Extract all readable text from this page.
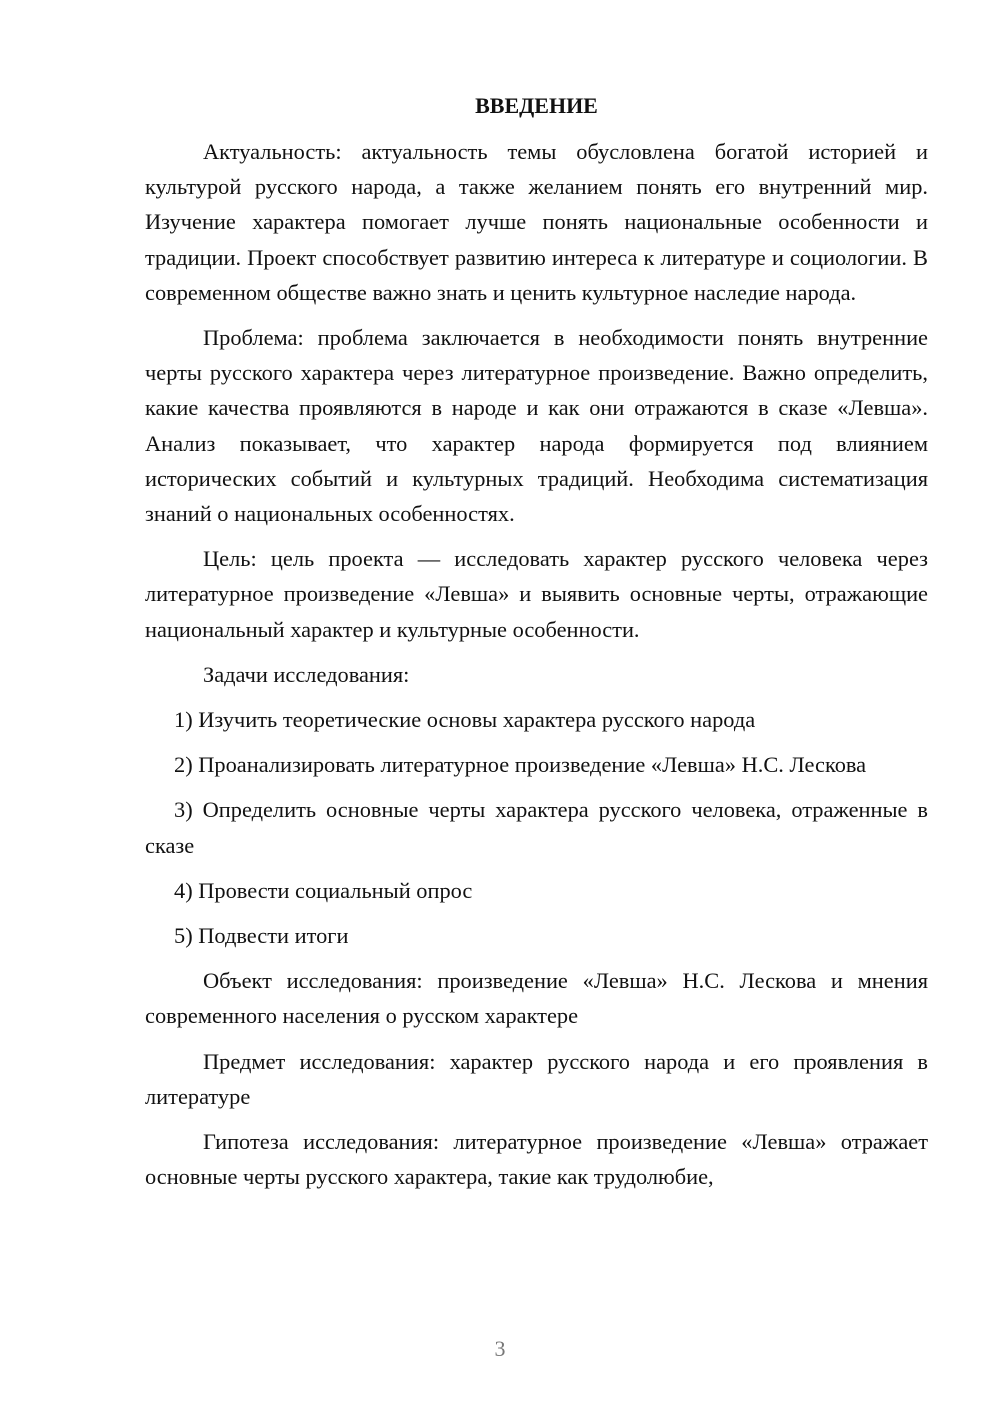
ВВЕДЕНИЕ

Актуальность: актуальность темы обусловлена богатой историей и культурой русского народа, а также желанием понять его внутренний мир. Изучение характера помогает лучше понять национальные особенности и традиции. Проект способствует развитию интереса к литературе и социологии. В современном обществе важно знать и ценить культурное наследие народа.

Проблема: проблема заключается в необходимости понять внутренние черты русского характера через литературное произведение. Важно определить, какие качества проявляются в народе и как они отражаются в сказе «Левша». Анализ показывает, что характер народа формируется под влиянием исторических событий и культурных традиций. Необходима систематизация знаний о национальных особенностях.

Цель: цель проекта — исследовать характер русского человека через литературное произведение «Левша» и выявить основные черты, отражающие национальный характер и культурные особенности.

Задачи исследования:

1) Изучить теоретические основы характера русского народа

2) Проанализировать литературное произведение «Левша» Н.С. Лескова

3) Определить основные черты характера русского человека, отраженные в сказе

4) Провести социальный опрос

5) Подвести итоги

Объект исследования: произведение «Левша» Н.С. Лескова и мнения современного населения о русском характере

Предмет исследования: характер русского народа и его проявления в литературе

Гипотеза исследования: литературное произведение «Левша» отражает основные черты русского характера, такие как трудолюбие,

3
